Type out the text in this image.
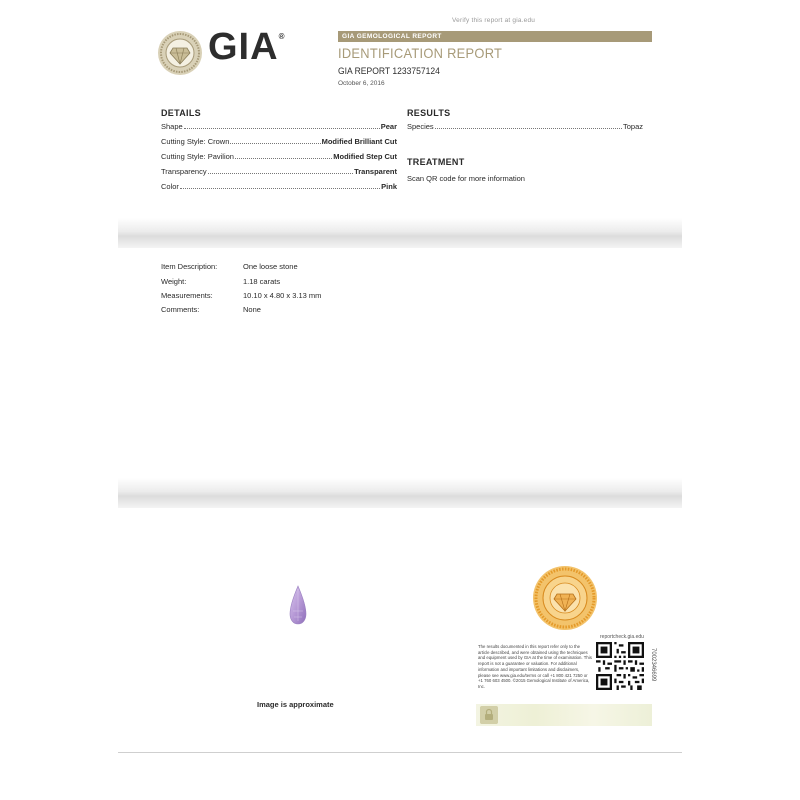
Verify this report at gia.edu
GIA®	GIA GEMOLOGICAL REPORT
IDENTIFICATION REPORT
GIA REPORT 1233757124
October 6, 2016
DETAILS
Shape	Pear
Cutting Style: Crown	Modified Brilliant Cut
Cutting Style: Pavilion	Modified Step Cut
Transparency	Transparent
Color	Pink
RESULTS
Species	Topaz
TREATMENT
Scan QR code for more information
Item Description:	One loose stone
Weight:	1.18 carats
Measurements:	10.10 x 4.80 x 3.13 mm
Comments:	None
Image is approximate
The results documented in this report refer only to the article described, and were obtained using the techniques and equipment used by GIA at the time of examination. This report is not a guarantee or valuation. For additional information and important limitations and disclaimers, please see www.gia.edu/terms or call +1 800 421 7250 or +1 760 603 4500. ©2015 Gemological Institute of America, Inc.
reportcheck.gia.edu
7002346699
